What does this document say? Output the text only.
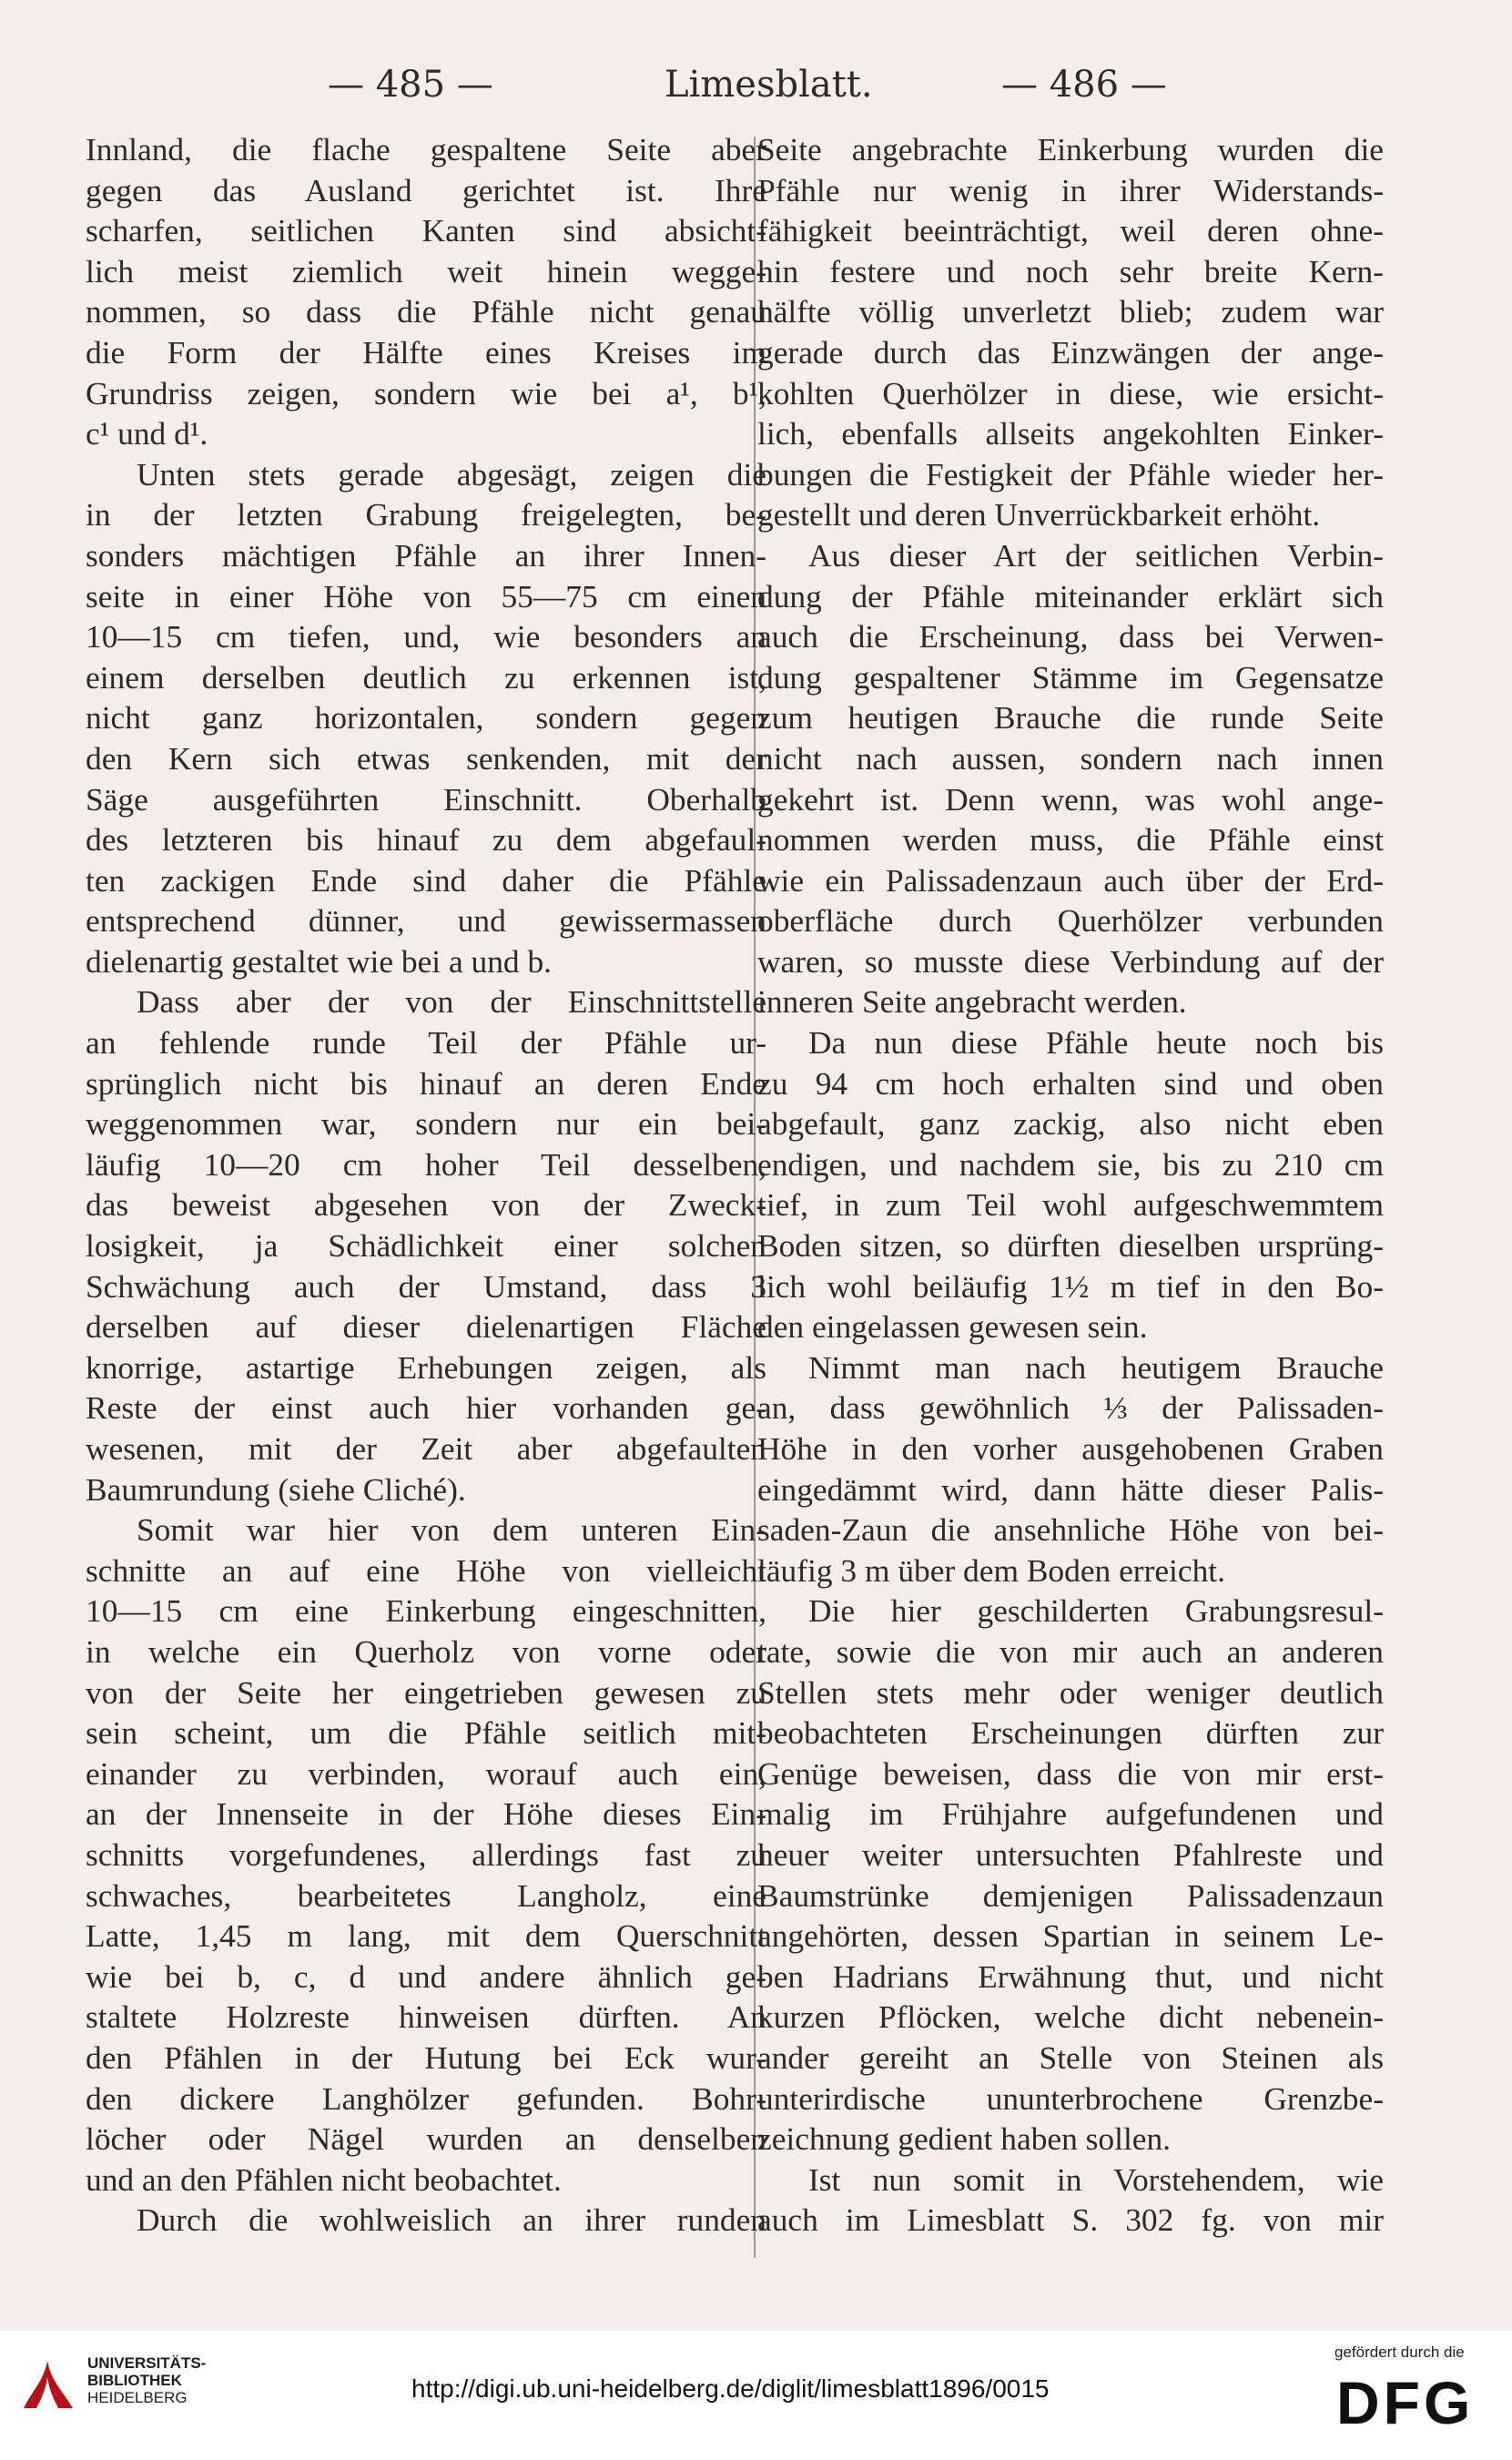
— 485 —	Limesblatt.	— 486 —
Innland, die flache gespaltene Seite aber
gegen das Ausland gerichtet ist. Ihre
scharfen, seitlichen Kanten sind absicht-
lich meist ziemlich weit hinein wegge-
nommen, so dass die Pfähle nicht genau
die Form der Hälfte eines Kreises im
Grundriss zeigen, sondern wie bei a¹, b¹,
c¹ und d¹.
Unten stets gerade abgesägt, zeigen die
in der letzten Grabung freigelegten, be-
sonders mächtigen Pfähle an ihrer Innen-
seite in einer Höhe von 55—75 cm einen
10—15 cm tiefen, und, wie besonders an
einem derselben deutlich zu erkennen ist,
nicht ganz horizontalen, sondern gegen
den Kern sich etwas senkenden, mit der
Säge ausgeführten Einschnitt. Oberhalb
des letzteren bis hinauf zu dem abgefaul-
ten zackigen Ende sind daher die Pfähle
entsprechend dünner, und gewissermassen
dielenartig gestaltet wie bei a und b.
Dass aber der von der Einschnittstelle
an fehlende runde Teil der Pfähle ur-
sprünglich nicht bis hinauf an deren Ende
weggenommen war, sondern nur ein bei-
läufig 10—20 cm hoher Teil desselben,
das beweist abgesehen von der Zweck-
losigkeit, ja Schädlichkeit einer solchen
Schwächung auch der Umstand, dass 3
derselben auf dieser dielenartigen Fläche
knorrige, astartige Erhebungen zeigen, als
Reste der einst auch hier vorhanden ge-
wesenen, mit der Zeit aber abgefaulten
Baumrundung (siehe Cliché).
Somit war hier von dem unteren Ein-
schnitte an auf eine Höhe von vielleicht
10—15 cm eine Einkerbung eingeschnitten,
in welche ein Querholz von vorne oder
von der Seite her eingetrieben gewesen zu
sein scheint, um die Pfähle seitlich mit-
einander zu verbinden, worauf auch ein,
an der Innenseite in der Höhe dieses Ein-
schnitts vorgefundenes, allerdings fast zu
schwaches, bearbeitetes Langholz, eine
Latte, 1,45 m lang, mit dem Querschnitt
wie bei b, c, d und andere ähnlich ge-
staltete Holzreste hinweisen dürften. An
den Pfählen in der Hutung bei Eck wur-
den dickere Langhölzer gefunden. Bohr-
löcher oder Nägel wurden an denselben
und an den Pfählen nicht beobachtet.
Durch die wohlweislich an ihrer runden
Seite angebrachte Einkerbung wurden die
Pfähle nur wenig in ihrer Widerstands-
fähigkeit beeinträchtigt, weil deren ohne-
hin festere und noch sehr breite Kern-
hälfte völlig unverletzt blieb; zudem war
gerade durch das Einzwängen der ange-
kohlten Querhölzer in diese, wie ersicht-
lich, ebenfalls allseits angekohlten Einker-
bungen die Festigkeit der Pfähle wieder her-
gestellt und deren Unverrückbarkeit erhöht.
Aus dieser Art der seitlichen Verbin-
dung der Pfähle miteinander erklärt sich
auch die Erscheinung, dass bei Verwen-
dung gespaltener Stämme im Gegensatze
zum heutigen Brauche die runde Seite
nicht nach aussen, sondern nach innen
gekehrt ist. Denn wenn, was wohl ange-
nommen werden muss, die Pfähle einst
wie ein Palissadenzaun auch über der Erd-
oberfläche durch Querhölzer verbunden
waren, so musste diese Verbindung auf der
inneren Seite angebracht werden.
Da nun diese Pfähle heute noch bis
zu 94 cm hoch erhalten sind und oben
abgefault, ganz zackig, also nicht eben
endigen, und nachdem sie, bis zu 210 cm
tief, in zum Teil wohl aufgeschwemmtem
Boden sitzen, so dürften dieselben ursprüng-
lich wohl beiläufig 1½ m tief in den Bo-
den eingelassen gewesen sein.
Nimmt man nach heutigem Brauche
an, dass gewöhnlich ⅓ der Palissaden-
Höhe in den vorher ausgehobenen Graben
eingedämmt wird, dann hätte dieser Palis-
saden-Zaun die ansehnliche Höhe von bei-
läufig 3 m über dem Boden erreicht.
Die hier geschilderten Grabungsresul-
tate, sowie die von mir auch an anderen
Stellen stets mehr oder weniger deutlich
beobachteten Erscheinungen dürften zur
Genüge beweisen, dass die von mir erst-
malig im Frühjahre aufgefundenen und
heuer weiter untersuchten Pfahlreste und
Baumstrünke demjenigen Palissadenzaun
angehörten, dessen Spartian in seinem Le-
ben Hadrians Erwähnung thut, und nicht
kurzen Pflöcken, welche dicht nebenein-
ander gereiht an Stelle von Steinen als
unterirdische ununterbrochene Grenzbe-
zeichnung gedient haben sollen.
Ist nun somit in Vorstehendem, wie
auch im Limesblatt S. 302 fg. von mir
UNIVERSITÄTS-
BIBLIOTHEK
HEIDELBERG	http://digi.ub.uni-heidelberg.de/diglit/limesblatt1896/0015
gefördert durch die
DFG
